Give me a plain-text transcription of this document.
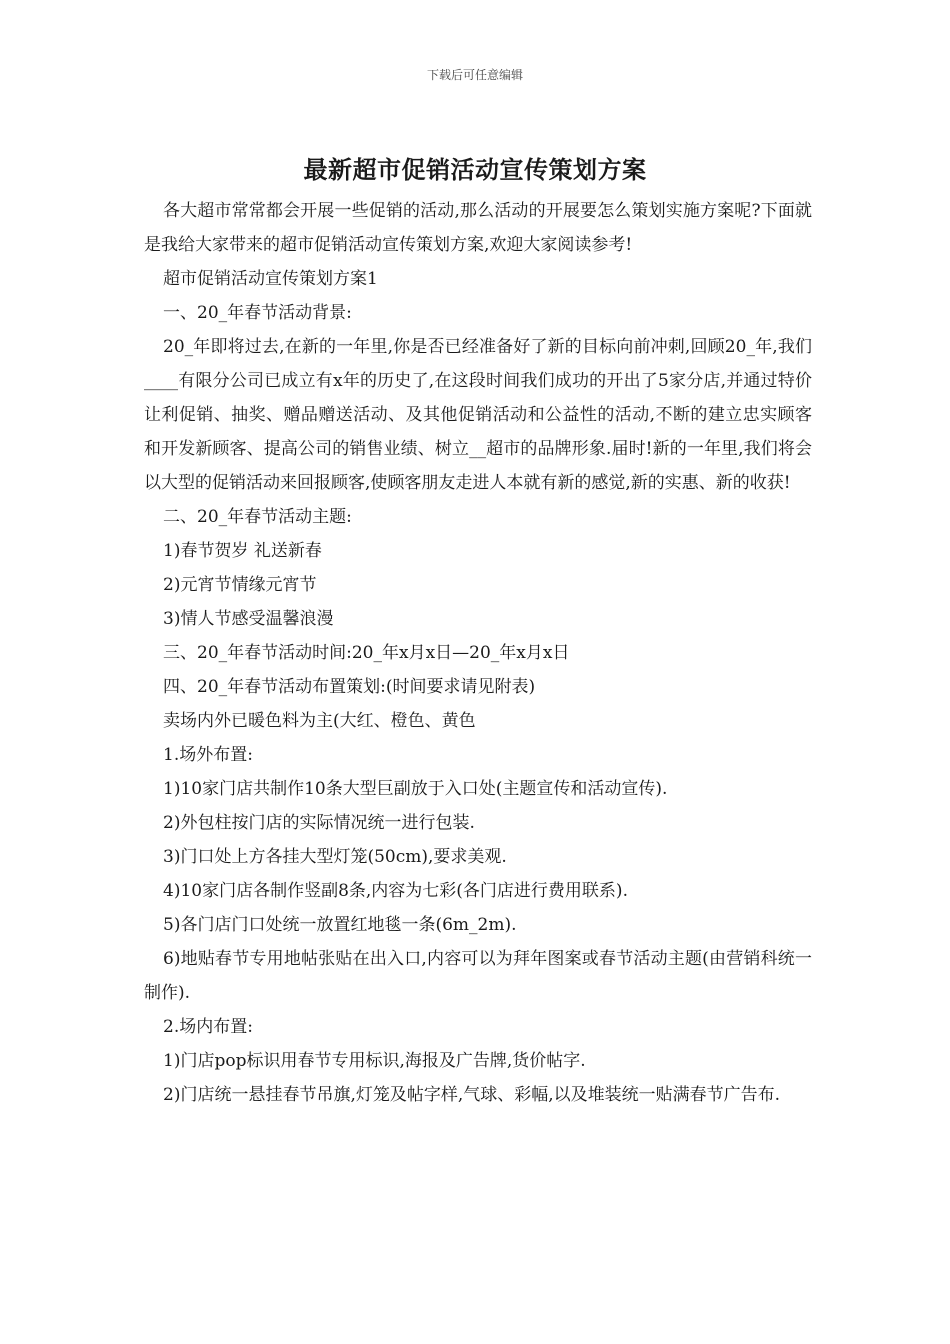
下载后可任意编辑
最新超市促销活动宣传策划方案

各大超市常常都会开展一些促销的活动,那么活动的开展要怎么策划实施方案呢?下面就是我给大家带来的超市促销活动宣传策划方案,欢迎大家阅读参考!

超市促销活动宣传策划方案1

一、20_年春节活动背景:

20_年即将过去,在新的一年里,你是否已经准备好了新的目标向前冲刺,回顾20_年,我们____有限分公司已成立有x年的历史了,在这段时间我们成功的开出了5家分店,并通过特价让利促销、抽奖、赠品赠送活动、及其他促销活动和公益性的活动,不断的建立忠实顾客和开发新顾客、提高公司的销售业绩、树立__超市的品牌形象.届时!新的一年里,我们将会以大型的促销活动来回报顾客,使顾客朋友走进人本就有新的感觉,新的实惠、新的收获!

二、20_年春节活动主题:

1)春节贺岁 礼送新春

2)元宵节情缘元宵节

3)情人节感受温馨浪漫

三、20_年春节活动时间:20_年x月x日—20_年x月x日

四、20_年春节活动布置策划:(时间要求请见附表)

卖场内外已暖色料为主(大红、橙色、黄色

1.场外布置:

1)10家门店共制作10条大型巨副放于入口处(主题宣传和活动宣传).

2)外包柱按门店的实际情况统一进行包装.

3)门口处上方各挂大型灯笼(50cm),要求美观.

4)10家门店各制作竖副8条,内容为七彩(各门店进行费用联系).

5)各门店门口处统一放置红地毯一条(6m_2m).

6)地贴春节专用地帖张贴在出入口,内容可以为拜年图案或春节活动主题(由营销科统一制作).

2.场内布置:

1)门店pop标识用春节专用标识,海报及广告牌,货价帖字.

2)门店统一悬挂春节吊旗,灯笼及帖字样,气球、彩幅,以及堆装统一贴满春节广告布.
